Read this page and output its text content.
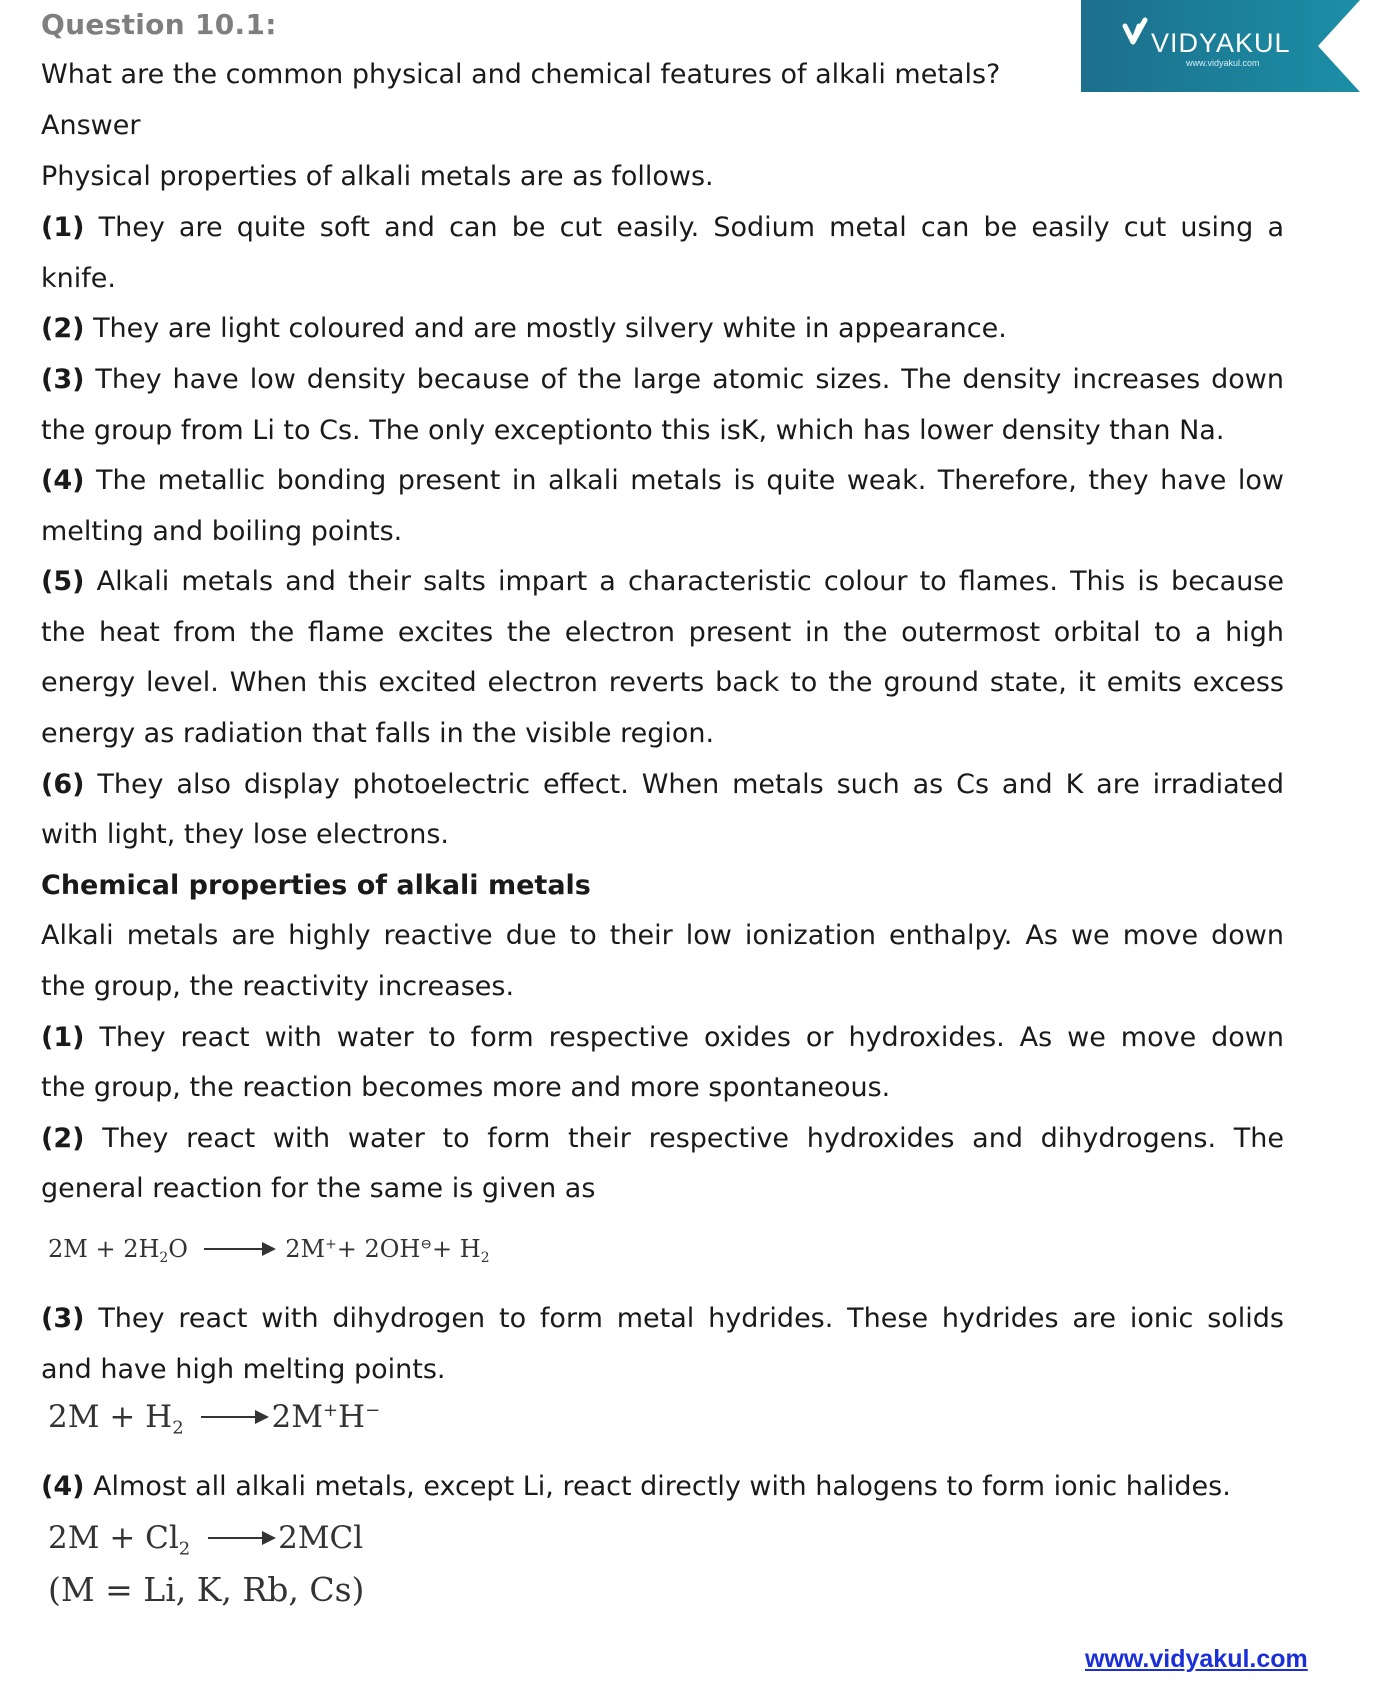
Question 10.1:
What are the common physical and chemical features of alkali metals?
Answer
Physical properties of alkali metals are as follows.
(1) They are quite soft and can be cut easily. Sodium metal can be easily cut using a
knife.
(2) They are light coloured and are mostly silvery white in appearance.
(3) They have low density because of the large atomic sizes. The density increases down
the group from Li to Cs. The only exceptionto this isK, which has lower density than Na.
(4) The metallic bonding present in alkali metals is quite weak. Therefore, they have low
melting and boiling points.
(5) Alkali metals and their salts impart a characteristic colour to flames. This is because
the heat from the flame excites the electron present in the outermost orbital to a high
energy level. When this excited electron reverts back to the ground state, it emits excess
energy as radiation that falls in the visible region.
(6) They also display photoelectric effect. When metals such as Cs and K are irradiated
with light, they lose electrons.
Chemical properties of alkali metals
Alkali metals are highly reactive due to their low ionization enthalpy. As we move down
the group, the reactivity increases.
(1) They react with water to form respective oxides or hydroxides. As we move down
the group, the reaction becomes more and more spontaneous.
(2) They react with water to form their respective hydroxides and dihydrogens. The
general reaction for the same is given as
$2M + 2H_2O \to 2M^++ 2OH^⊖+ H_2$
(3) They react with dihydrogen to form metal hydrides. These hydrides are ionic solids
and have high melting points.
$2M + H_2 \to 2M^+H^-$
(4) Almost all alkali metals, except Li, react directly with halogens to form ionic halides.
$2M + Cl_2 \to 2MCl$
(M = Li, K, Rb, Cs)
VIDYAKUL
www.vidyakul.com
www.vidyakul.com
